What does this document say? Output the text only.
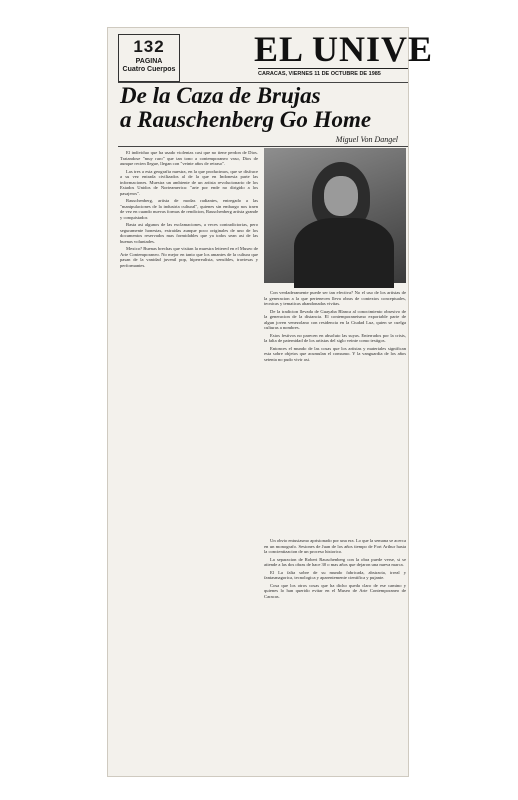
132
PAGINA
Cuatro Cuerpos
EL UNIVE
CARACAS, VIERNES 11 DE OCTUBRE DE 1985
De la Caza de Brujas
a Rauschenberg Go Home
Miguel Von Dangel

El individuo que ha usado violentas casi que no tiene perdon de Dios. Tratandose "muy raro" que tan tono a contemporaneo vaso, Dios de aunque recien llegue, llegan con "veinte años de retraso".

Las tres a esta geografia nuestra, en la que producimos, que se disfrace a su vez entrada civilizados al de la que en Indonesia parte las informaciones. Muestra un ambiente de un artista revolucionario de los Estados Unidos de Norteamerica: "arte por ende no dirigido a los pasajeros".

Rauschenberg, artista de modas radiantes, entregado a las "manipulaciones de la industria cultural", quienes sin embargo nos traen de vez en cuando nuevas formas de rendicion, Rauschenberg artista grande y conquistador.

Basta asi algunos de las exclamaciones, a veces contradictorias, pero seguramente honestas, extraidas aunque poco originales de uno de los documentos reservados mas formidables que ya todos sean asi de las buenas voluntades.

Mexico? Buenas brechas que visitan la muestra lettered en el Museo de Arte Contemporaneo. No mejor en tanto que los amantes de la cultura que pasan de la vanidad juvenil pop, hiperrealista, sensibles, traviesas y performantes.

Con verdaderamente puede ser tan efectiva? No el uso de los artistas de la generacion a la que pertenecen lleva obras de contextos conceptuales, tecnicas y tematicas abandonadas vivitas.

De la tradicion llevada de Guayaba Blanca al conocimiento obsesivo de la generacion de la distancia. El contemporaneismo exportable parte de algun joven venezolano con residencia en la Ciudad Luz, quien se cuelga culturas a nombres.

Estos festivos no parecen en absoluto las suyas. Enterrados por la crisis, la falta de paternidad de los artistas del siglo veinte como testigos.

Entonces el mundo de las cosas que los artistas y materiales significan esta sobre objetos que acumulan el consumo. Y la vanguardia de los años setenta no pudo vivir asi.

Un obvio entusiasmo aprisionado por una era. Lo que la semana se acerca en un monografo. Sesiones de Juan de los años tiempo de Fort Arthur hasta la concientizacion de un proceso historico.

La separacion de Robert Rauschenberg con la obra puede verse, si se atiende a las dos obras de hace 30 o mas años que dejaron una nueva marca.

El La falta sobre de su mundo fabricada, abstracta, irreal y fantasmagorica, tecnologica y aparentemente cientifica y pujante.

Cosa que los otros cosas que ha dicho queda claro de ese camino y quienes lo han querido evitar en el Museo de Arte Contemporaneo de Caracas.
